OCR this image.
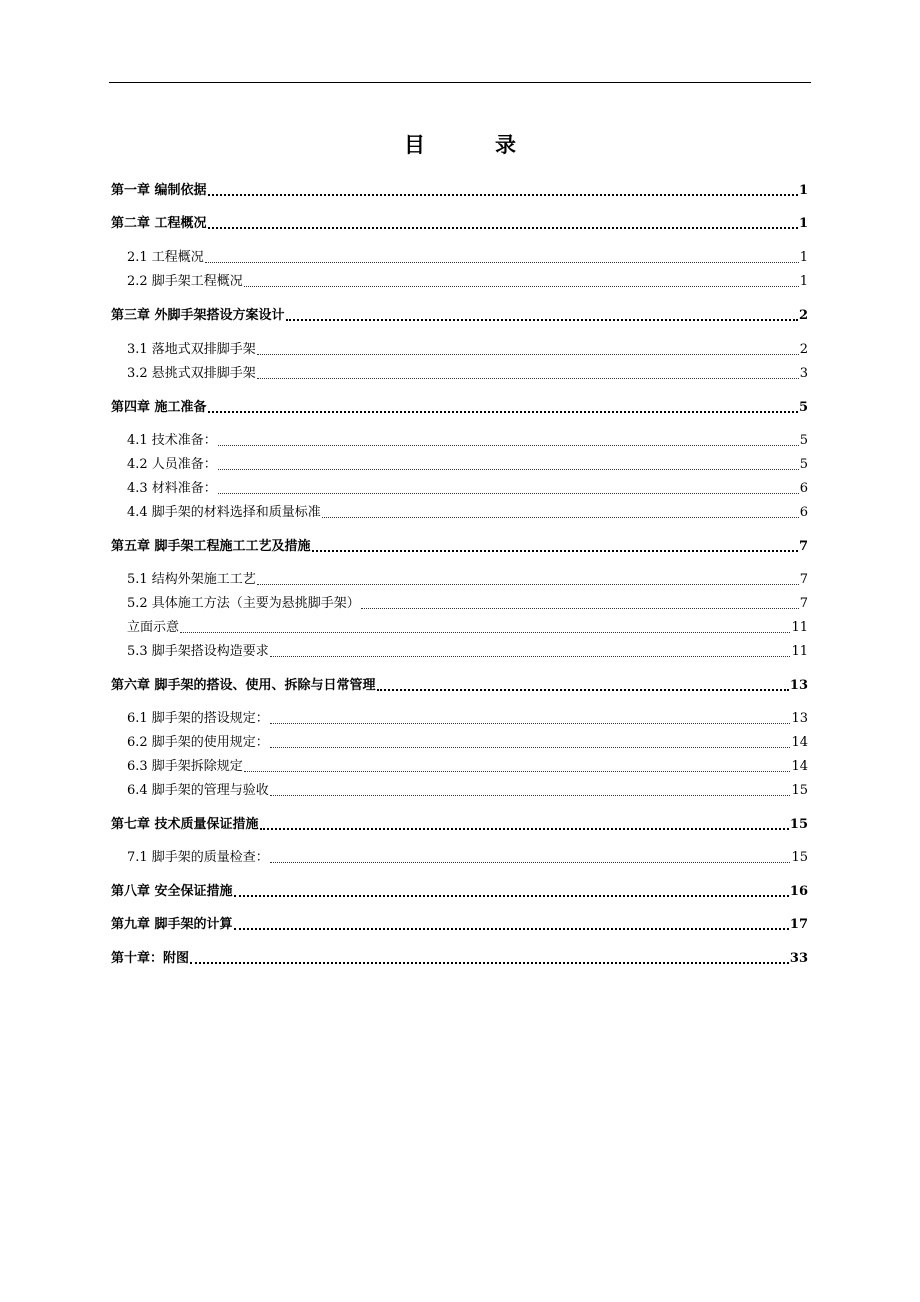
目	录
第一章 编制依据	1
第二章 工程概况	1
2.1 工程概况	1
2.2 脚手架工程概况	1
第三章 外脚手架搭设方案设计	2
3.1 落地式双排脚手架	2
3.2 悬挑式双排脚手架	3
第四章 施工准备	5
4.1 技术准备：	5
4.2 人员准备：	5
4.3 材料准备：	6
4.4 脚手架的材料选择和质量标准	6
第五章 脚手架工程施工工艺及措施	7
5.1 结构外架施工工艺	7
5.2 具体施工方法（主要为悬挑脚手架）	7
立面示意	11
5.3 脚手架搭设构造要求	11
第六章 脚手架的搭设、使用、拆除与日常管理	13
6.1 脚手架的搭设规定：	13
6.2 脚手架的使用规定：	14
6.3 脚手架拆除规定	14
6.4 脚手架的管理与验收	15
第七章 技术质量保证措施	15
7.1 脚手架的质量检查：	15
第八章 安全保证措施	16
第九章 脚手架的计算	17
第十章：附图	33
